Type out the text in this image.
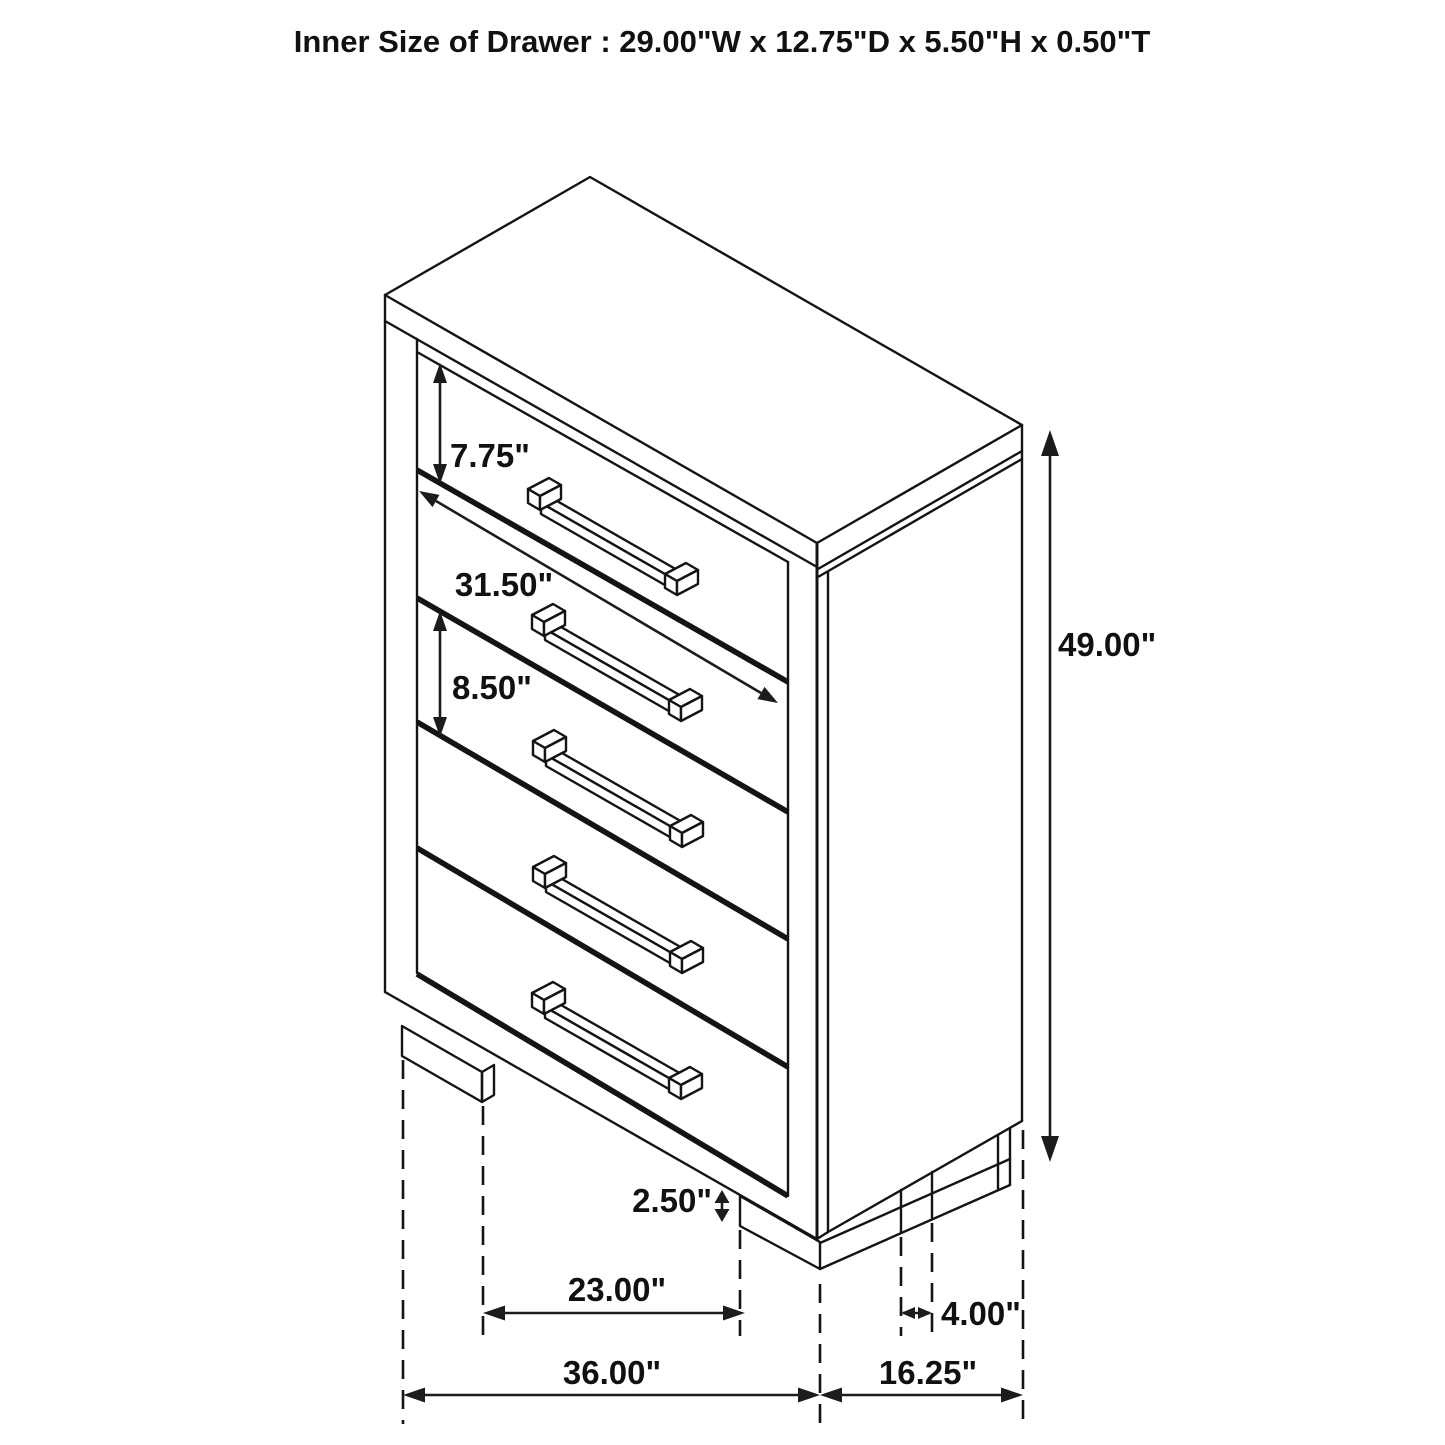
7.75"
31.50"
8.50"
49.00"
2.50"
23.00"
4.00"
36.00"	16.25"
Inner Size of Drawer : 29.00"W x 12.75"D x 5.50"H x 0.50"T
